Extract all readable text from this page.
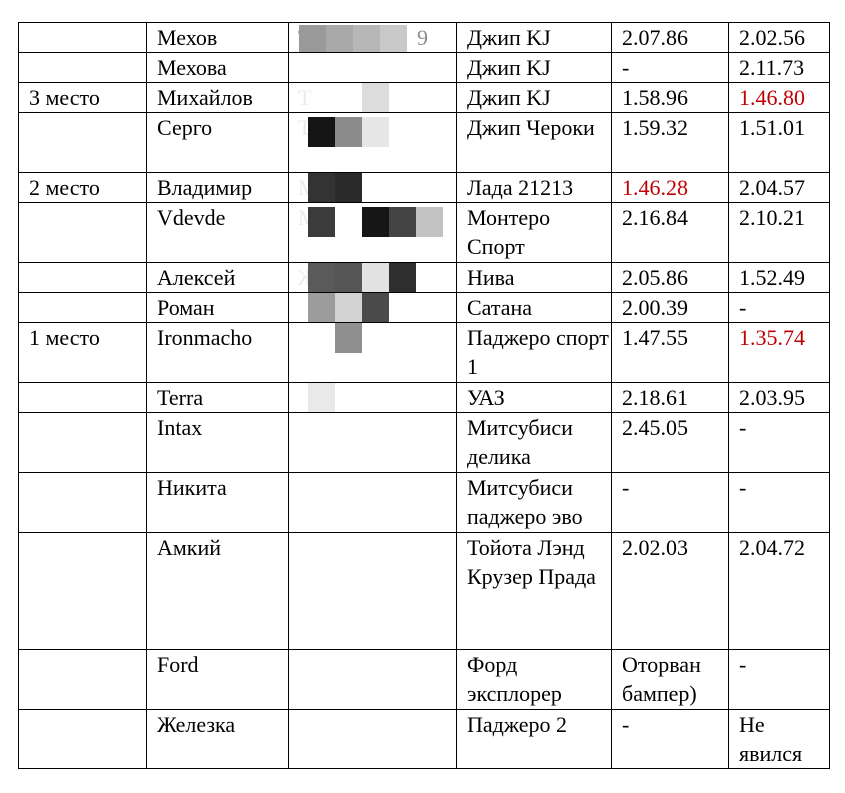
	Мехов		Джип KJ	2.07.86	2.02.56
	Мехова		Джип KJ	-	2.11.73
3 место	Михайлов		Джип KJ	1.58.96	1.46.80
	Серго		Джип Чероки	1.59.32	1.51.01
2 место	Владимир		Лада 21213	1.46.28	2.04.57
	Vdevde		Монтеро Спорт	2.16.84	2.10.21
	Алексей		Нива	2.05.86	1.52.49
	Роман		Сатана	2.00.39	-
1 место	Ironmacho		Паджеро спорт 1	1.47.55	1.35.74
	Terra		УАЗ	2.18.61	2.03.95
	Intax		Митсубиси делика	2.45.05	-
	Никита		Митсубиси паджеро эво	-	-
	Амкий		Тойота Лэнд Крузер Прада	2.02.03	2.04.72
	Ford		Форд эксплорер	Оторван бампер)	-
	Железка		Паджеро 2	-	Не явился
